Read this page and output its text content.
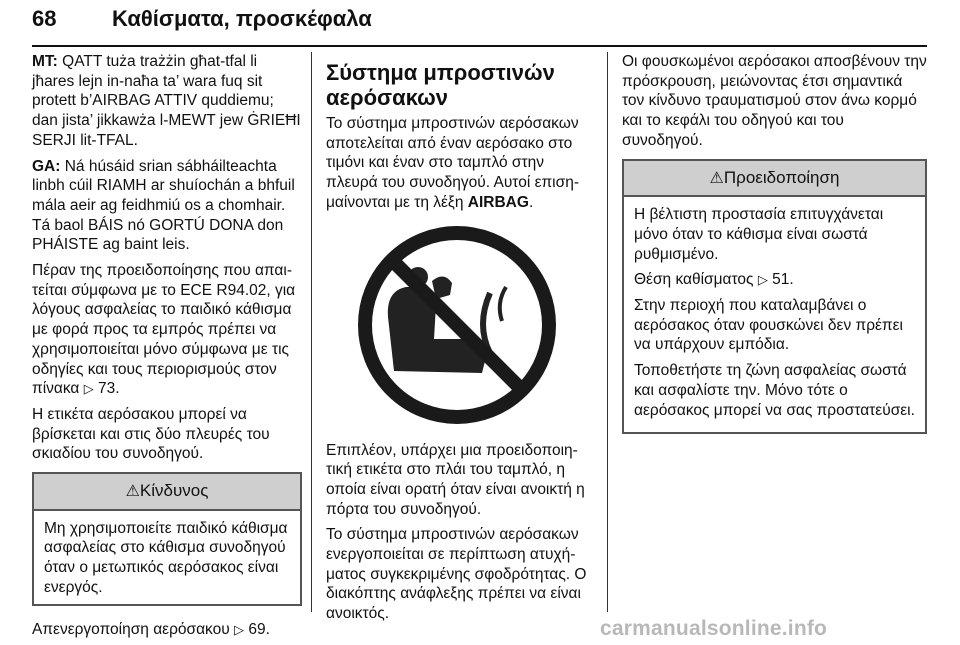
68	Καθίσματα, προσκέφαλα

MT: QATT tuża trażżin għat-tfal li jħares lejn in-naħa ta’ wara fuq sit protett b’AIRBAG ATTIV quddiemu; dan jista’ jikkawża l-MEWT jew ĠRIEĦI SERJI lit-TFAL.

GA: Ná húsáid srian sábháilteachta linbh cúil RIAMH ar shuíochán a bhfuil mála aeir ag feidhmiú os a chomhair. Tá baol BÁIS nó GORTÚ DONA don PHÁISTE ag baint leis.

Πέραν της προειδοποίησης που απαιτείται σύμφωνα με το ECE R94.02, για λόγους ασφαλείας το παιδικό κάθισμα με φορά προς τα εμπρός πρέπει να χρησιμοποιείται μόνο σύμφωνα με τις οδηγίες και τους περιορισμούς στον πίνακα ▷ 73.

Η ετικέτα αερόσακου μπορεί να βρίσκεται και στις δύο πλευρές του σκιαδίου του συνοδηγού.

⚠Κίνδυνος
Μη χρησιμοποιείτε παιδικό κάθισμα ασφαλείας στο κάθισμα συνοδηγού όταν ο μετωπικός αερόσακος είναι ενεργός.

Απενεργοποίηση αερόσακου ▷ 69.

Σύστημα μπροστινών αερόσακων

Το σύστημα μπροστινών αερόσακων αποτελείται από έναν αερόσακο στο τιμόνι και έναν στο ταμπλό στην πλευρά του συνοδηγού. Αυτοί επισημαίνονται με τη λέξη AIRBAG.

Επιπλέον, υπάρχει μια προειδοποιητική ετικέτα στο πλάι του ταμπλό, η οποία είναι ορατή όταν είναι ανοικτή η πόρτα του συνοδηγού.

Το σύστημα μπροστινών αερόσακων ενεργοποιείται σε περίπτωση ατυχήματος συγκεκριμένης σφοδρότητας. Ο διακόπτης ανάφλεξης πρέπει να είναι ανοικτός.

Οι φουσκωμένοι αερόσακοι αποσβένουν την πρόσκρουση, μειώνοντας έτσι σημαντικά τον κίνδυνο τραυματισμού στον άνω κορμό και το κεφάλι του οδηγού και του συνοδηγού.

⚠Προειδοποίηση

Η βέλτιστη προστασία επιτυγχάνεται μόνο όταν το κάθισμα είναι σωστά ρυθμισμένο.

Θέση καθίσματος ▷ 51.

Στην περιοχή που καταλαμβάνει ο αερόσακος όταν φουσκώνει δεν πρέπει να υπάρχουν εμπόδια.

Τοποθετήστε τη ζώνη ασφαλείας σωστά και ασφαλίστε την. Μόνο τότε ο αερόσακος μπορεί να σας προστατεύσει.

carmanualsonline.info
